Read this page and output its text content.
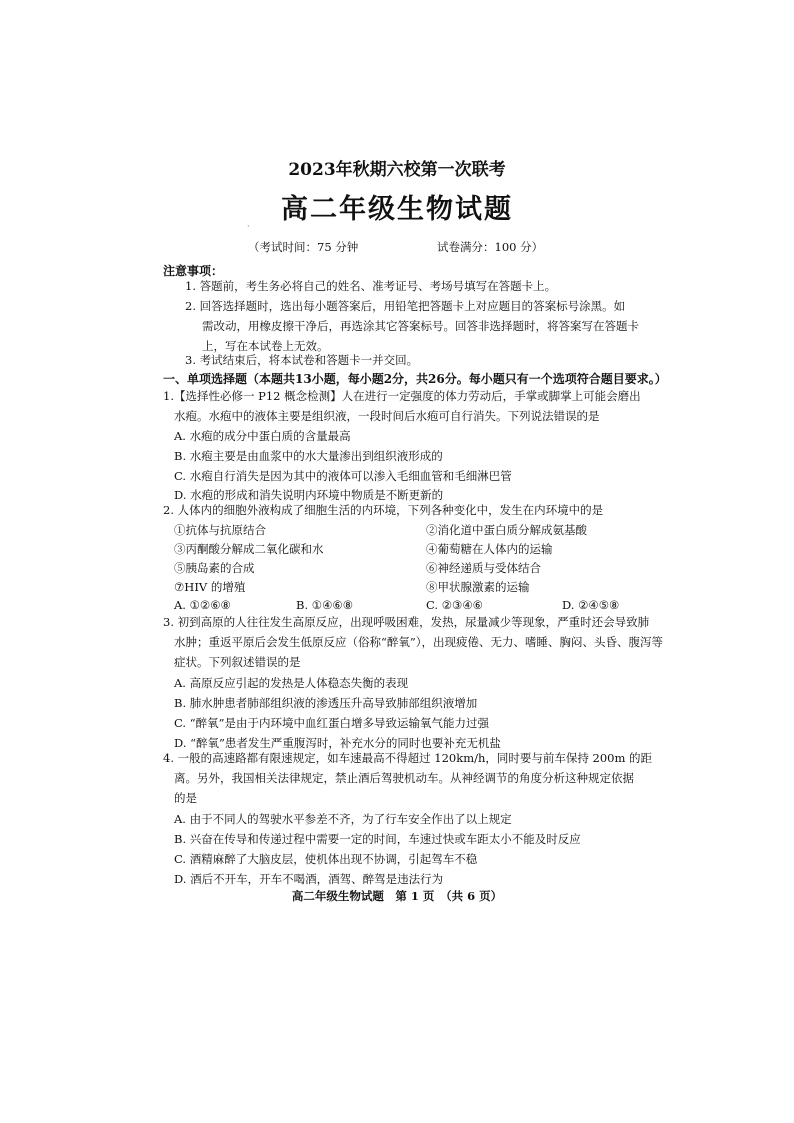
2023年秋期六校第一次联考
高二年级生物试题
·
（考试时间：75 分钟	试卷满分：100 分）
注意事项：
1. 答题前，考生务必将自己的姓名、准考证号、考场号填写在答题卡上。
2. 回答选择题时，选出每小题答案后，用铅笔把答题卡上对应题目的答案标号涂黑。如
需改动，用橡皮擦干净后，再选涂其它答案标号。回答非选择题时，将答案写在答题卡
上，写在本试卷上无效。
3. 考试结束后，将本试卷和答题卡一并交回。
一、单项选择题（本题共13小题，每小题2分，共26分。每小题只有一个选项符合题目要求。）
1.【选择性必修一 P12 概念检测】人在进行一定强度的体力劳动后，手掌或脚掌上可能会磨出
水疱。水疱中的液体主要是组织液，一段时间后水疱可自行消失。下列说法错误的是
A. 水疱的成分中蛋白质的含量最高
B. 水疱主要是由血浆中的水大量渗出到组织液形成的
C. 水疱自行消失是因为其中的液体可以渗入毛细血管和毛细淋巴管
D. 水疱的形成和消失说明内环境中物质是不断更新的
2. 人体内的细胞外液构成了细胞生活的内环境，下列各种变化中，发生在内环境中的是
①抗体与抗原结合	②消化道中蛋白质分解成氨基酸
③丙酮酸分解成二氧化碳和水	④葡萄糖在人体内的运输
⑤胰岛素的合成	⑥神经递质与受体结合
⑦HIV 的增殖	⑧甲状腺激素的运输
A. ①②⑥⑧	B. ①④⑥⑧	C. ②③④⑥	D. ②④⑤⑧
3. 初到高原的人往往发生高原反应，出现呼吸困难，发热，尿量减少等现象，严重时还会导致肺
水肿；重返平原后会发生低原反应（俗称“醉氧”），出现疲倦、无力、嗜睡、胸闷、头昏、腹泻等
症状。下列叙述错误的是
A. 高原反应引起的发热是人体稳态失衡的表现
B. 肺水肿患者肺部组织液的渗透压升高导致肺部组织液增加
C. “醉氧”是由于内环境中血红蛋白增多导致运输氧气能力过强
D. “醉氧”患者发生严重腹泻时，补充水分的同时也要补充无机盐
4. 一般的高速路都有限速规定，如车速最高不得超过 120km/h，同时要与前车保持 200m 的距
离。另外，我国相关法律规定，禁止酒后驾驶机动车。从神经调节的角度分析这种规定依据
的是
A. 由于不同人的驾驶水平参差不齐，为了行车安全作出了以上规定
B. 兴奋在传导和传递过程中需要一定的时间，车速过快或车距太小不能及时反应
C. 酒精麻醉了大脑皮层，使机体出现不协调，引起驾车不稳
D. 酒后不开车，开车不喝酒，酒驾、醉驾是违法行为
高二年级生物试题　第 1 页　（共 6 页）
